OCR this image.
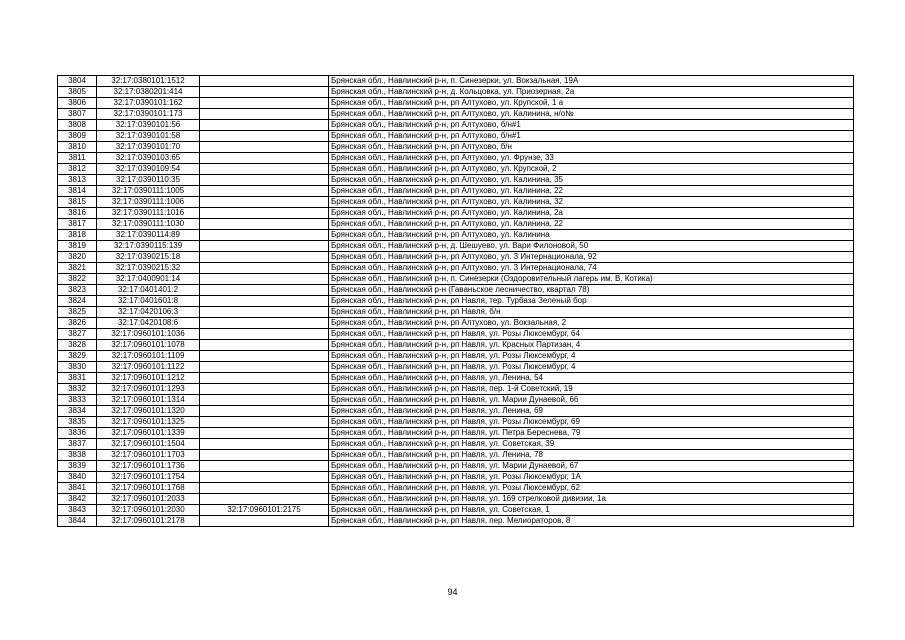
3804	32:17:0380101:1512		Брянская обл., Навлинский р-н, п. Синезерки, ул. Вокзальная, 19А
3805	32:17:0380201:414		Брянская обл., Навлинский р-н, д. Кольцовка, ул. Приозерная, 2а
3806	32:17:0390101:162		Брянская обл., Навлинский р-н, рп Алтухово, ул. Крупской, 1 а
3807	32:17:0390101:173		Брянская обл., Навлинский р-н, рп Алтухово, ул. Калинина, н/о№
3808	32:17:0390101:56		Брянская обл., Навлинский р-н, рп Алтухово, б/н#1
3809	32:17:0390101:58		Брянская обл., Навлинский р-н, рп Алтухово, б/н#1
3810	32:17:0390101:70		Брянская обл., Навлинский р-н, рп Алтухово, б/н
3811	32:17:0390103:65		Брянская обл., Навлинский р-н, рп Алтухово, ул. Фрунзе, 33
3812	32:17:0390109:54		Брянская обл., Навлинский р-н, рп Алтухово, ул. Крупской, 2
3813	32:17:0390110:35		Брянская обл., Навлинский р-н, рп Алтухово, ул. Калинина, 35
3814	32:17:0390111:1005		Брянская обл., Навлинский р-н, рп Алтухово, ул. Калинина, 22
3815	32:17:0390111:1006		Брянская обл., Навлинский р-н, рп Алтухово, ул. Калинина, 32
3816	32:17:0390111:1016		Брянская обл., Навлинский р-н, рп Алтухово, ул. Калинина, 2а
3817	32:17:0390111:1030		Брянская обл., Навлинский р-н, рп Алтухово, ул. Калинина, 22
3818	32:17:0390114:89		Брянская обл., Навлинский р-н, рп Алтухово, ул. Калинина
3819	32:17:0390115:139		Брянская обл., Навлинский р-н, д. Шешуево, ул. Вари Филоновой, 50
3820	32:17:0390215:18		Брянская обл., Навлинский р-н, рп Алтухово, ул. 3 Интернационала, 92
3821	32:17:0390215:32		Брянская обл., Навлинский р-н, рп Алтухово, ул. 3 Интернационала, 74
3822	32:17:0400901:14		Брянская обл., Навлинский р-н, п. Синезерки (Оздоровительный лагерь им. В. Котика)
3823	32:17:0401401:2		Брянская обл., Навлинский р-н (Гаваньское лесничество, квартал 78)
3824	32:17:0401601:8		Брянская обл., Навлинский р-н, рп Навля, тер. Турбаза Зеленый бор
3825	32:17:0420106:3		Брянская обл., Навлинский р-н, рп Навля, б/н
3826	32:17:0420108:6		Брянская обл., Навлинский р-н, рп Алтухово, ул. Вокзальная, 2
3827	32:17:0960101:1036		Брянская обл., Навлинский р-н, рп Навля, ул. Розы Люксембург, 64
3828	32:17:0960101:1078		Брянская обл., Навлинский р-н, рп Навля, ул. Красных Партизан, 4
3829	32:17:0960101:1109		Брянская обл., Навлинский р-н, рп Навля, ул. Розы Люксембург, 4
3830	32:17:0960101:1122		Брянская обл., Навлинский р-н, рп Навля, ул. Розы Люксембург, 4
3831	32:17:0960101:1212		Брянская обл., Навлинский р-н, рп Навля, ул. Ленина, 54
3832	32:17:0960101:1293		Брянская обл., Навлинский р-н, рп Навля, пер. 1-й Советский, 19
3833	32:17:0960101:1314		Брянская обл., Навлинский р-н, рп Навля, ул. Марии Дунаевой, 66
3834	32:17:0960101:1320		Брянская обл., Навлинский р-н, рп Навля, ул. Ленина, 69
3835	32:17:0960101:1325		Брянская обл., Навлинский р-н, рп Навля, ул. Розы Люксембург, 69
3836	32:17:0960101:1339		Брянская обл., Навлинский р-н, рп Навля, ул. Петра Береснева, 79
3837	32:17:0960101:1504		Брянская обл., Навлинский р-н, рп Навля, ул. Советская, 39
3838	32:17:0960101:1703		Брянская обл., Навлинский р-н, рп Навля, ул. Ленина, 78
3839	32:17:0960101:1736		Брянская обл., Навлинский р-н, рп Навля, ул. Марии Дунаевой, 67
3840	32:17:0960101:1754		Брянская обл., Навлинский р-н, рп Навля, ул. Розы Люксембург, 1А
3841	32:17:0960101:1768		Брянская обл., Навлинский р-н, рп Навля, ул. Розы Люксембург, 62
3842	32:17:0960101:2033		Брянская обл., Навлинский р-н, рп Навля, ул. 169 стрелковой дивизии, 1а
3843	32:17:0960101:2030	32:17:0960101:2175	Брянская обл., Навлинский р-н, рп Навля, ул. Советская, 1
3844	32:17:0960101:2178		Брянская обл., Навлинский р-н, рп Навля, пер. Мелиораторов, 8
94
